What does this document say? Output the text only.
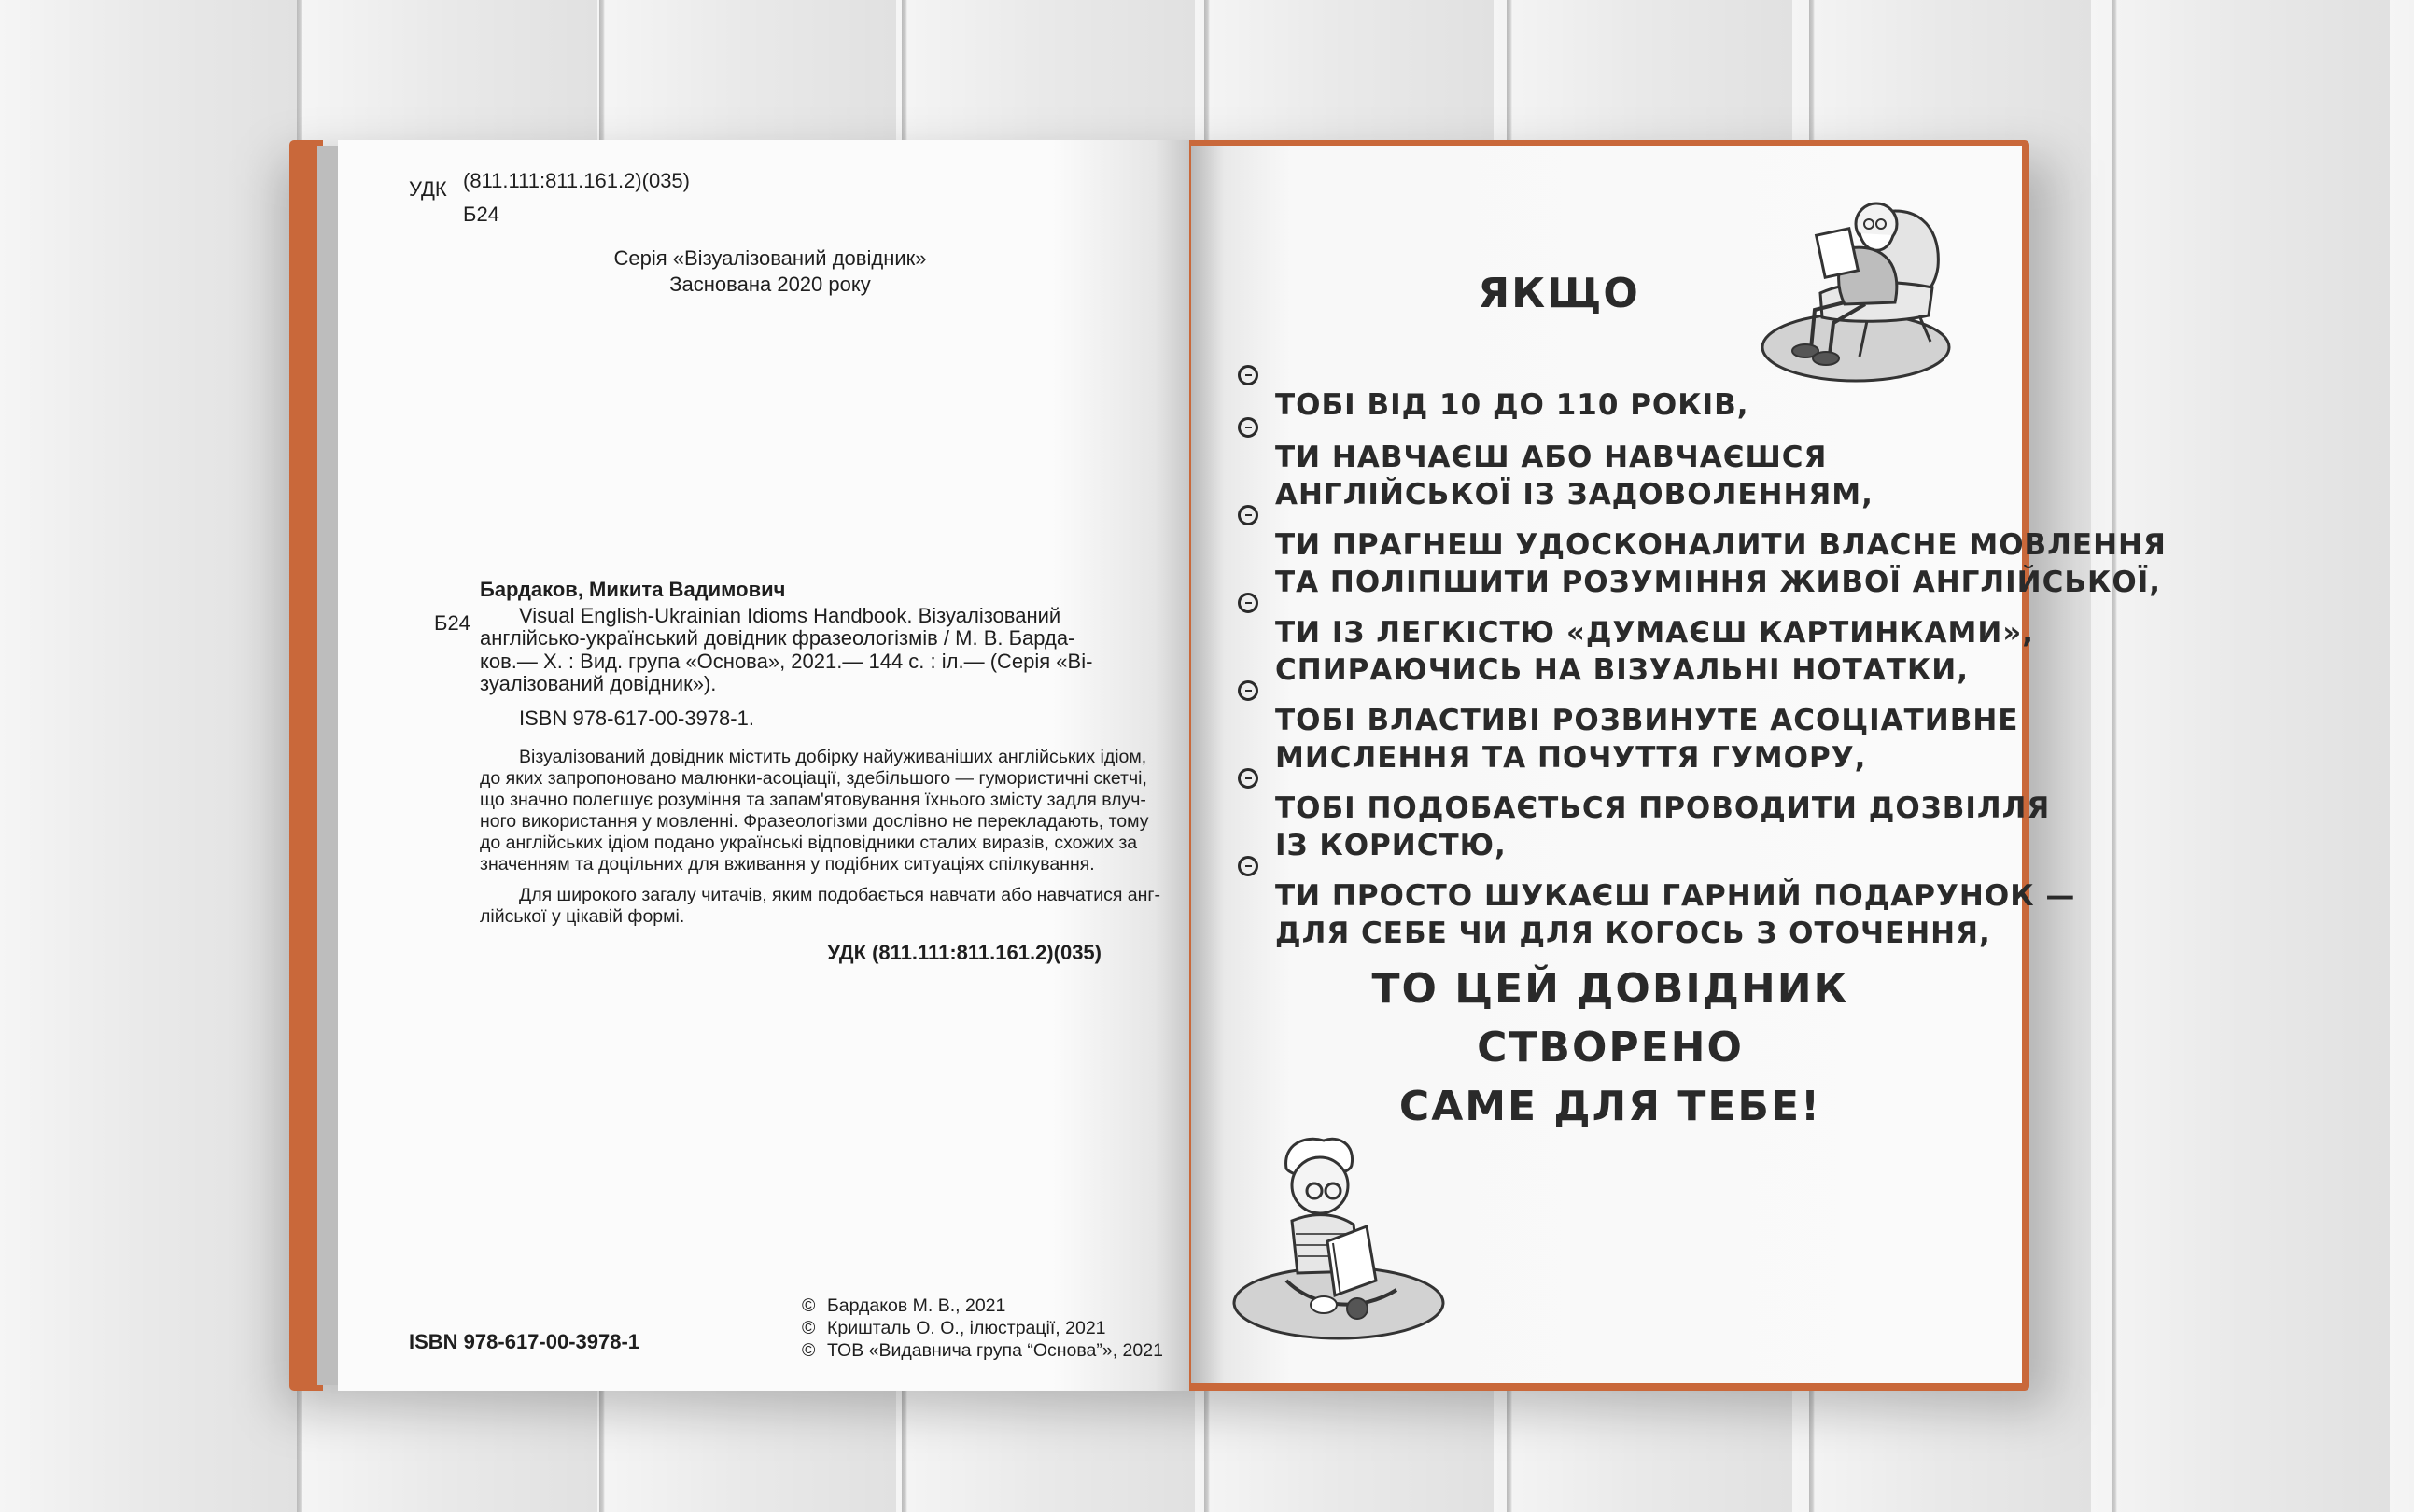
УДК (811.111:811.161.2)(035)

Б24

Серія «Візуалізований довідник»

Заснована 2020 року

Бардаков, Микита Вадимович

Б24 Visual English-Ukrainian Idioms Handbook. Візуалізований

англійсько-український довідник фразеологізмів / М. В. Барда-

ков.— Х. : Вид. група «Основа», 2021.— 144 с. : іл.— (Серія «Ві-

зуалізований довідник»).

ISBN 978-617-00-3978-1.

Візуалізований довідник містить добірку найуживаніших англійських ідіом,

до яких запропоновано малюнки-асоціації, здебільшого — гумористичні скетчі,

що значно полегшує розуміння та запам'ятовування їхнього змісту задля влуч-

ного використання у мовленні. Фразеологізми дослівно не перекладають, тому

до англійських ідіом подано українські відповідники сталих виразів, схожих за

значенням та доцільних для вживання у подібних ситуаціях спілкування.

Для широкого загалу читачів, яким подобається навчати або навчатися анг-

лійської у цікавій формі.

УДК (811.111:811.161.2)(035)

ISBN 978-617-00-3978-1

© Бардаков М. В., 2021

© Кришталь О. О., ілюстрації, 2021

© ТОВ «Видавнича група “Основа”», 2021

ЯКЩО

ТОБІ ВІД 10 ДО 110 РОКІВ,

ТИ НАВЧАЄШ АБО НАВЧАЄШСЯ

АНГЛІЙСЬКОЇ ІЗ ЗАДОВОЛЕННЯМ,

ТИ ПРАГНЕШ УДОСКОНАЛИТИ ВЛАСНЕ МОВЛЕННЯ

ТА ПОЛІПШИТИ РОЗУМІННЯ ЖИВОЇ АНГЛІЙСЬКОЇ,

ТИ ІЗ ЛЕГКІСТЮ «ДУМАЄШ КАРТИНКАМИ»,

СПИРАЮЧИСЬ НА ВІЗУАЛЬНІ НОТАТКИ,

ТОБІ ВЛАСТИВІ РОЗВИНУТЕ АСОЦІАТИВНЕ

МИСЛЕННЯ ТА ПОЧУТТЯ ГУМОРУ,

ТОБІ ПОДОБАЄТЬСЯ ПРОВОДИТИ ДОЗВІЛЛЯ

ІЗ КОРИСТЮ,

ТИ ПРОСТО ШУКАЄШ ГАРНИЙ ПОДАРУНОК —

ДЛЯ СЕБЕ ЧИ ДЛЯ КОГОСЬ З ОТОЧЕННЯ,

ТО ЦЕЙ ДОВІДНИК

СТВОРЕНО

САМЕ ДЛЯ ТЕБЕ!
